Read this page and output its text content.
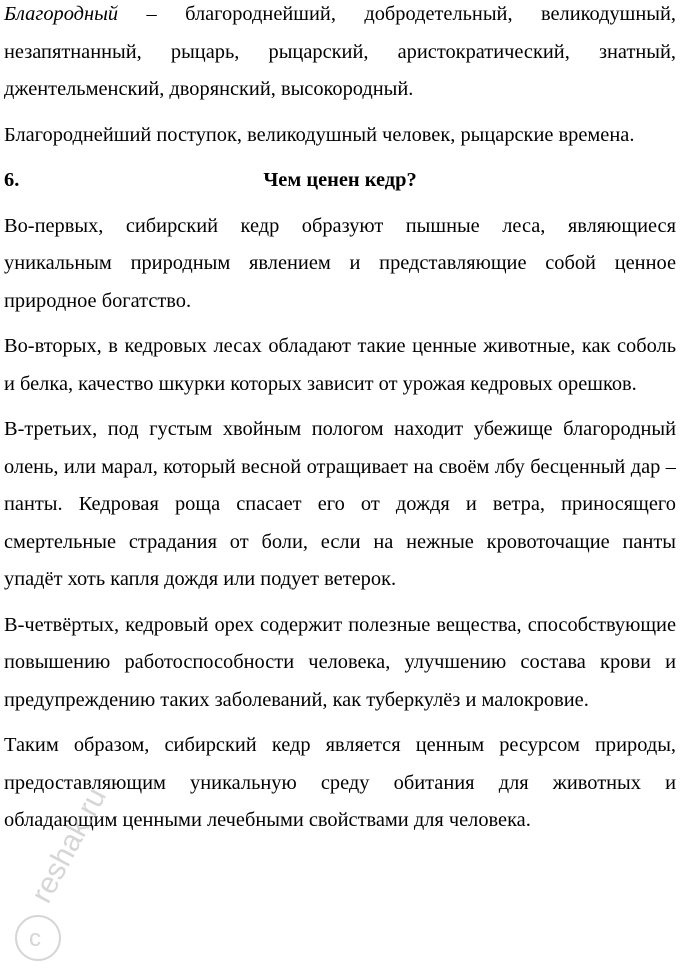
Благородный – благороднейший, добродетельный, великодушный, незапятнанный, рыцарь, рыцарский, аристократический, знатный, джентельменский, дворянский, высокородный.

Благороднейший поступок, великодушный человек, рыцарские времена.

6.	Чем ценен кедр?

Во-первых, сибирский кедр образуют пышные леса, являющиеся уникальным природным явлением и представляющие собой ценное природное богатство.

Во-вторых, в кедровых лесах обладают такие ценные животные, как соболь и белка, качество шкурки которых зависит от урожая кедровых орешков.

В-третьих, под густым хвойным пологом находит убежище благородный олень, или марал, который весной отращивает на своём лбу бесценный дар – панты. Кедровая роща спасает его от дождя и ветра, приносящего смертельные страдания от боли, если на нежные кровоточащие панты упадёт хоть капля дождя или подует ветерок.

В-четвёртых, кедровый орех содержит полезные вещества, способствующие повышению работоспособности человека, улучшению состава крови и предупреждению таких заболеваний, как туберкулёз и малокровие.

Таким образом, сибирский кедр является ценным ресурсом природы, предоставляющим уникальную среду обитания для животных и обладающим ценными лечебными свойствами для человека.

c
reshak.ru
